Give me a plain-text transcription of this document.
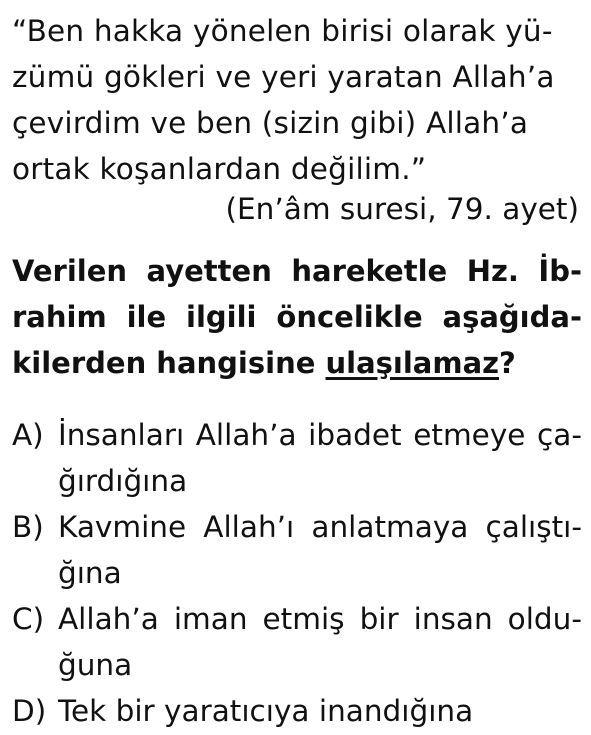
“Ben hakka yönelen birisi olarak yü-
zümü gökleri ve yeri yaratan Allah’a
çevirdim ve ben (sizin gibi) Allah’a
ortak koşanlardan değilim.”
(En’âm suresi, 79. ayet)
Verilen ayetten hareketle Hz. İb-
rahim ile ilgili öncelikle aşağıda-
kilerden hangisine ulaşılamaz?
A) İnsanları Allah’a ibadet etmeye ça-
ğırdığına
B) Kavmine Allah’ı anlatmaya çalıştı-
ğına
C) Allah’a iman etmiş bir insan oldu-
ğuna
D) Tek bir yaratıcıya inandığına
